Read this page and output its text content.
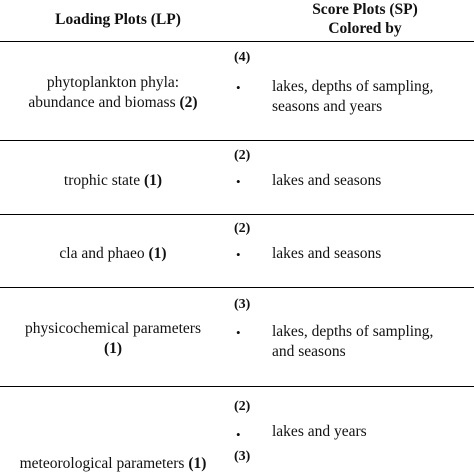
Loading Plots (LP)
Score Plots (SP)
Colored by
phytoplankton phyla:
abundance and biomass (2)
(4)
• lakes, depths of sampling,
seasons and years
trophic state (1)
(2)
• lakes and seasons
cla and phaeo (1)
(2)
• lakes and seasons
physicochemical parameters
(1)
(3)
• lakes, depths of sampling,
and seasons
(2)
• lakes and years
meteorological parameters (1)	(3)
